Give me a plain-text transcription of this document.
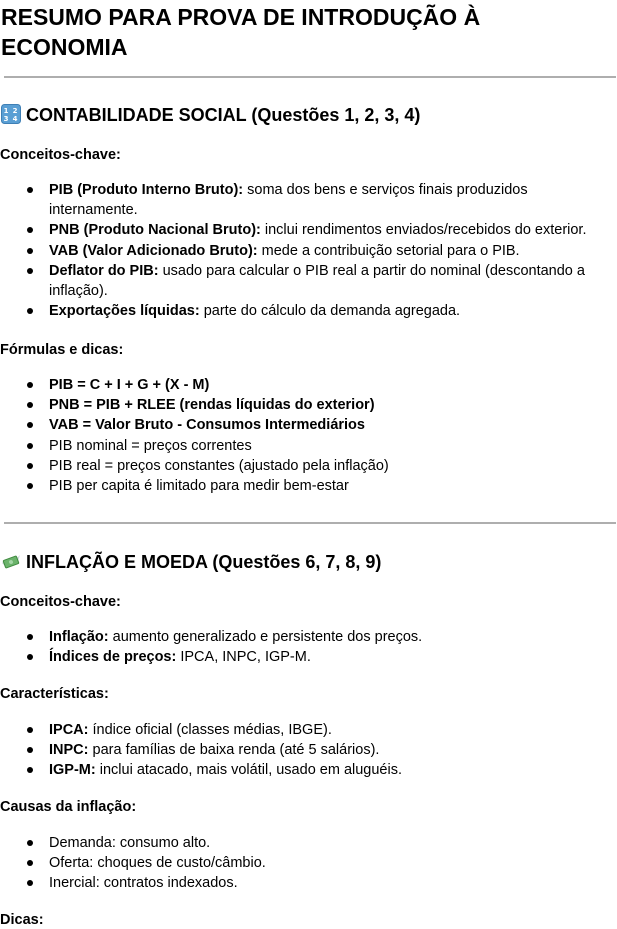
RESUMO PARA PROVA DE INTRODUÇÃO À ECONOMIA
1 2
3 4 CONTABILIDADE SOCIAL (Questões 1, 2, 3, 4)
Conceitos-chave:
PIB (Produto Interno Bruto): soma dos bens e serviços finais produzidos internamente.
PNB (Produto Nacional Bruto): inclui rendimentos enviados/recebidos do exterior.
VAB (Valor Adicionado Bruto): mede a contribuição setorial para o PIB.
Deflator do PIB: usado para calcular o PIB real a partir do nominal (descontando a inflação).
Exportações líquidas: parte do cálculo da demanda agregada.
Fórmulas e dicas:
PIB = C + I + G + (X - M)
PNB = PIB + RLEE (rendas líquidas do exterior)
VAB = Valor Bruto - Consumos Intermediários
PIB nominal = preços correntes
PIB real = preços constantes (ajustado pela inflação)
PIB per capita é limitado para medir bem-estar
INFLAÇÃO E MOEDA (Questões 6, 7, 8, 9)
Conceitos-chave:
Inflação: aumento generalizado e persistente dos preços.
Índices de preços: IPCA, INPC, IGP-M.
Características:
IPCA: índice oficial (classes médias, IBGE).
INPC: para famílias de baixa renda (até 5 salários).
IGP-M: inclui atacado, mais volátil, usado em aluguéis.
Causas da inflação:
Demanda: consumo alto.
Oferta: choques de custo/câmbio.
Inercial: contratos indexados.
Dicas:
